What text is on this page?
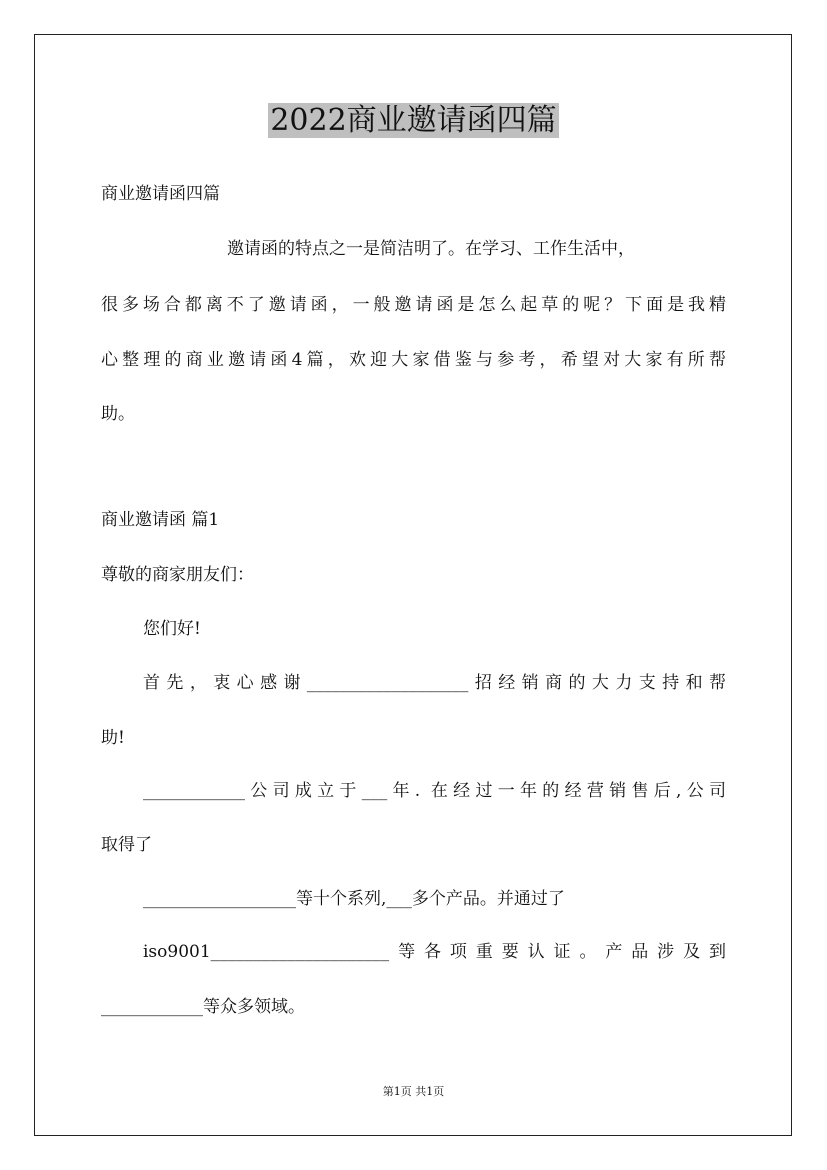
2022商业邀请函四篇
商业邀请函四篇
邀请函的特点之一是简洁明了。在学习、工作生活中，
很多场合都离不了邀请函，一般邀请函是怎么起草的呢？下面是我精
心整理的商业邀请函4篇，欢迎大家借鉴与参考，希望对大家有所帮
助。
商业邀请函 篇1
尊敬的商家朋友们：
您们好!
首先，衷心感谢___________________招经销商的大力支持和帮
助!
____________公司成立于___年. 在经过一年的经营销售后,公司
取得了
__________________等十个系列,___多个产品。并通过了
iso9001_____________________等各项重要认证。产品涉及到
____________等众多领域。
第1页 共1页
